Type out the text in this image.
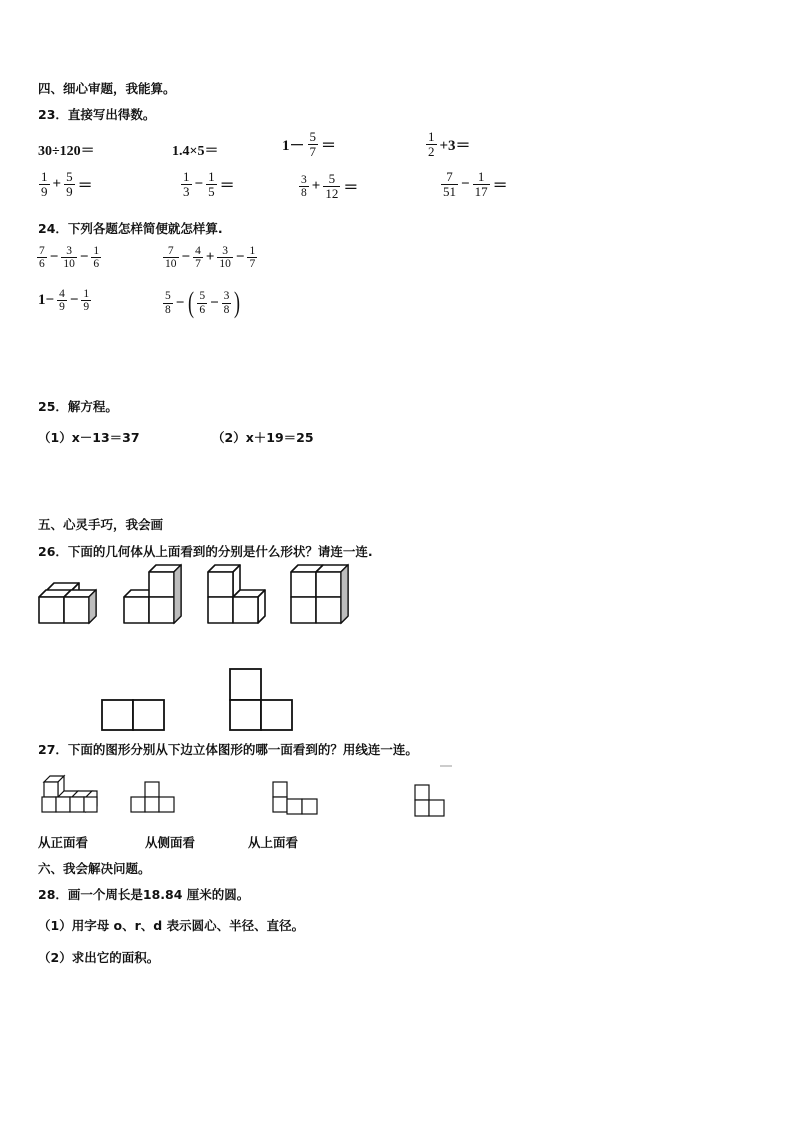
四、细心审题，我能算。
23．直接写出得数。
30÷120＝	1.4×5＝	$1- \frac{5}{7}$ ＝	$\frac{1}{2} +3=$
$\frac{1}{9} + \frac{5}{9}$ ＝	$\frac{1}{3} - \frac{1}{5}$ ＝	$\frac{3}{8} + \frac{5}{12}$ ＝	$\frac{7}{51} - \frac{1}{17}$ ＝
24．下列各题怎样简便就怎样算.
$\frac{7}{6} - \frac{3}{10} - \frac{1}{6}$	$\frac{7}{10} - \frac{4}{7} + \frac{3}{10} - \frac{1}{7}$
$1- \frac{4}{9} - \frac{1}{9}$	$\frac{5}{8}$ − ( $\frac{5}{6} - \frac{3}{8}$ )
25．解方程。
（1）x－13＝37	（2）x＋19＝25
五、心灵手巧，我会画
26．下面的几何体从上面看到的分别是什么形状？请连一连.
27．下面的图形分别从下边立体图形的哪一面看到的？用线连一连。
从正面看	从侧面看	从上面看
六、我会解决问题。
28．画一个周长是18.84 厘米的圆。
（1）用字母 o、r、d 表示圆心、半径、直径。
（2）求出它的面积。
